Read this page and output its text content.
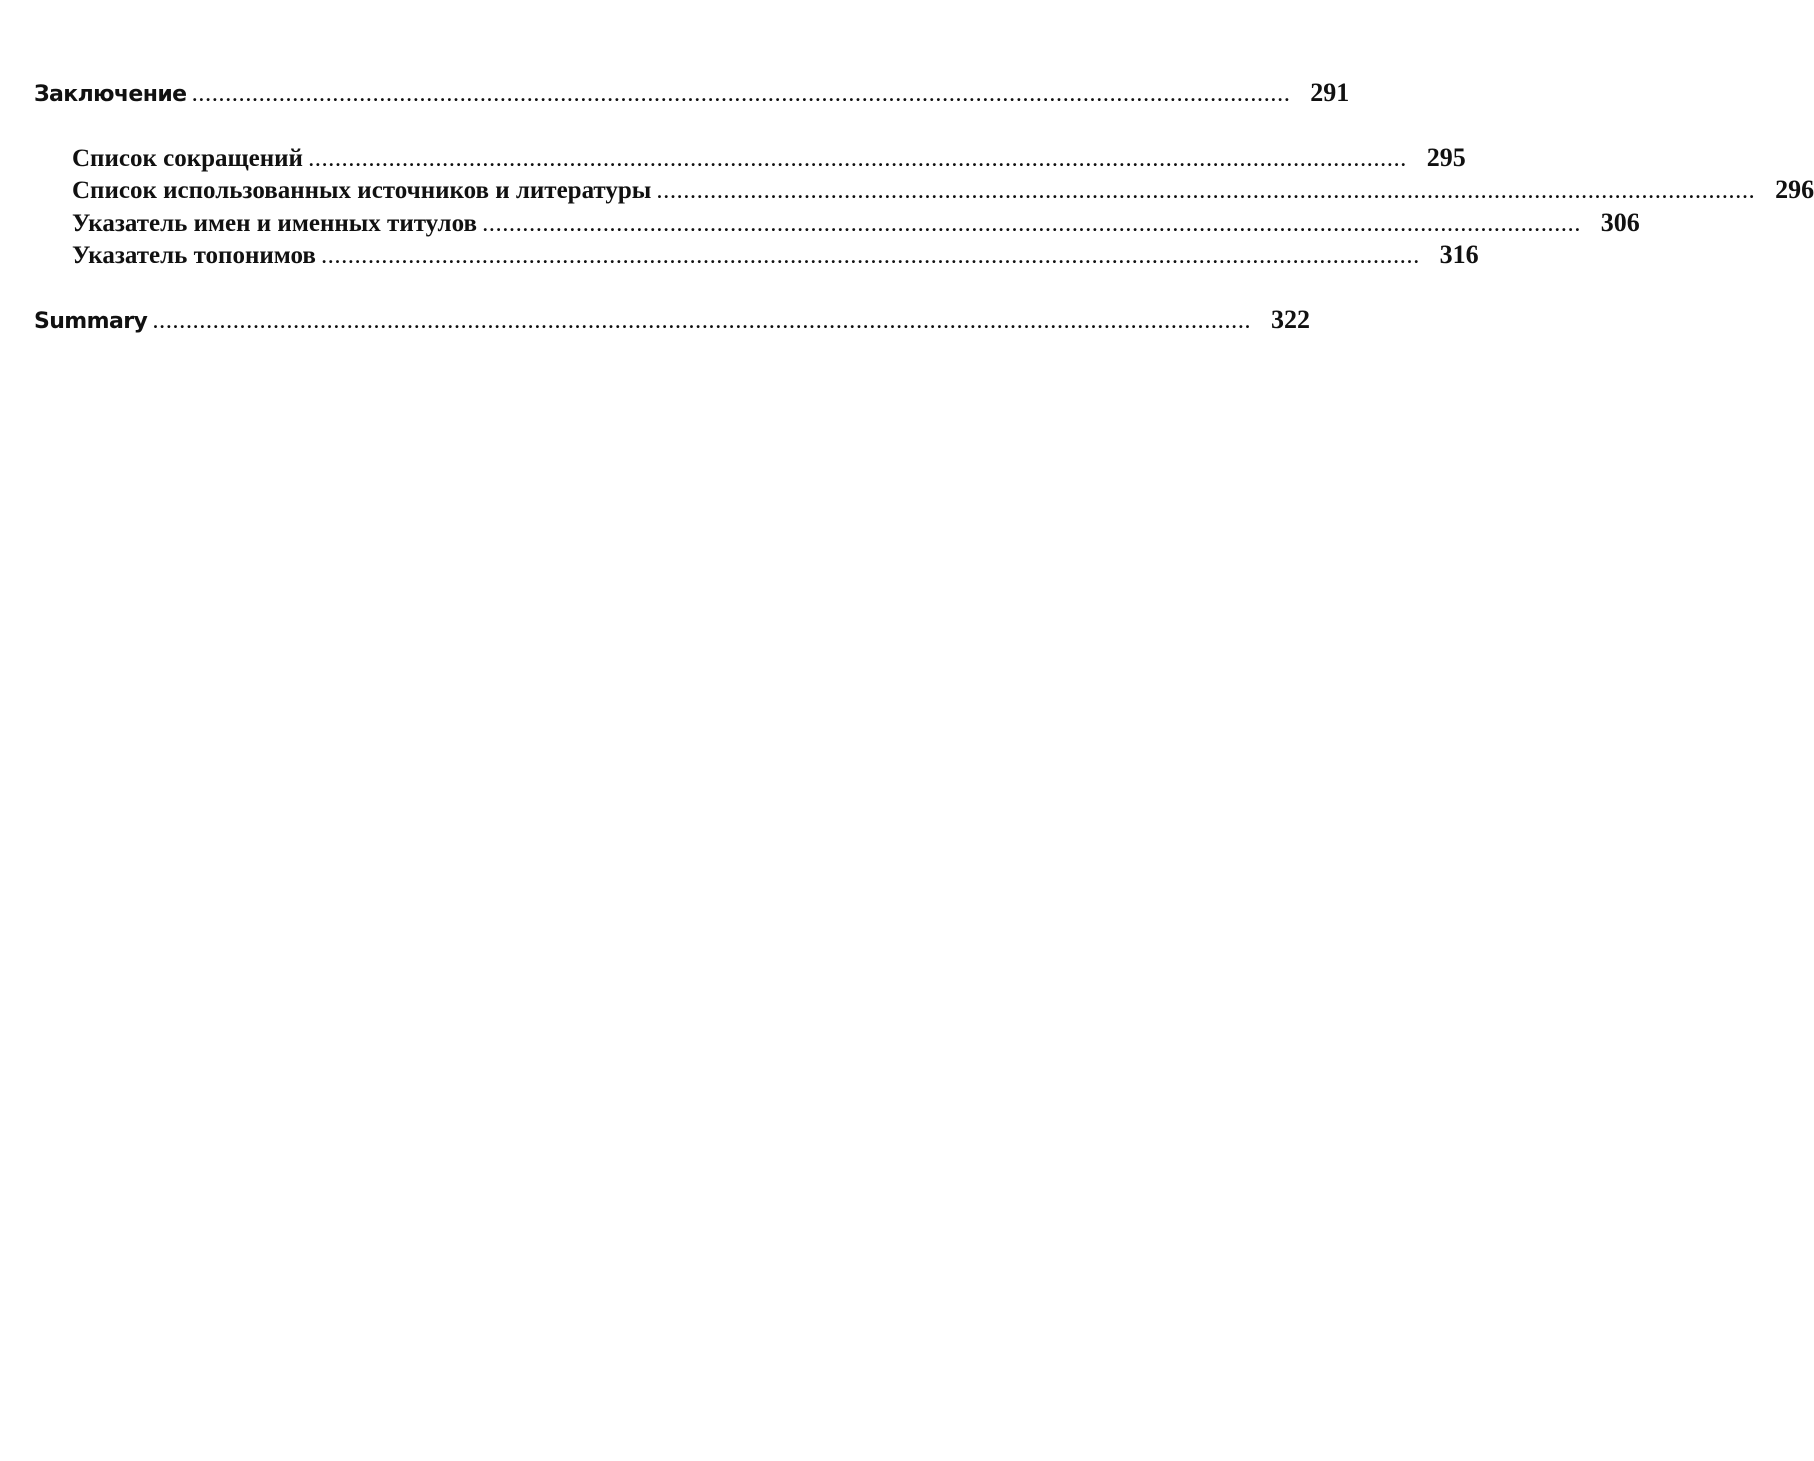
Заключение .................................................................................................................................................................... 291
Список сокращений .................................................................................................................................................................... 295
Список использованных источников и литературы .................................................................................................................................................................... 296
Указатель имен и именных титулов .................................................................................................................................................................... 306
Указатель топонимов .................................................................................................................................................................... 316
Summary .................................................................................................................................................................... 322
